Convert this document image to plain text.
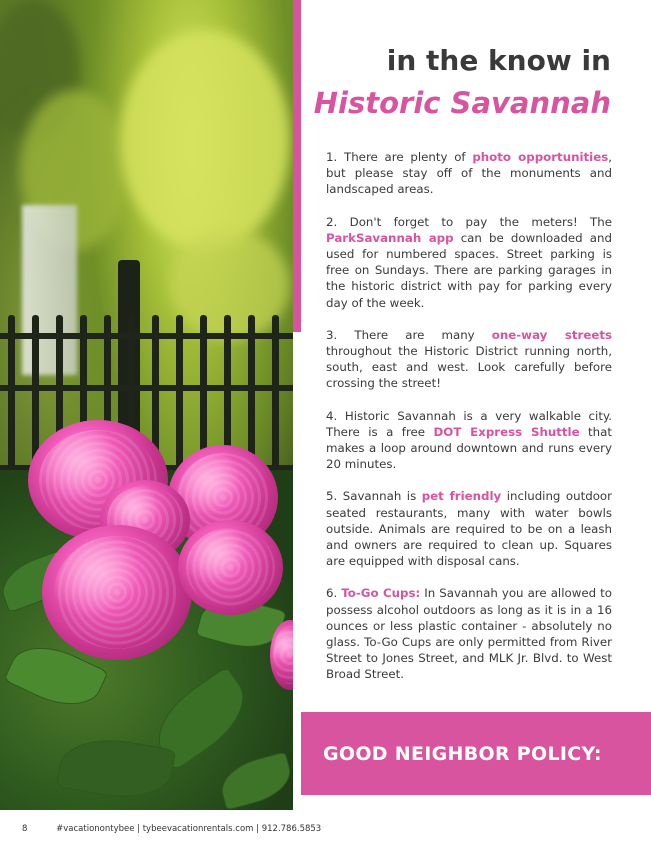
in the know in
Historic Savannah

1. There are plenty of photo opportunities, but please stay off of the monuments and landscaped areas.

2. Don't forget to pay the meters! The ParkSavannah app can be downloaded and used for numbered spaces. Street parking is free on Sundays. There are parking garages in the historic district with pay for parking every day of the week.

3. There are many one-way streets throughout the Historic District running north, south, east and west. Look carefully before crossing the street!

4. Historic Savannah is a very walkable city. There is a free DOT Express Shuttle that makes a loop around downtown and runs every 20 minutes.

5. Savannah is pet friendly including outdoor seated restaurants, many with water bowls outside. Animals are required to be on a leash and owners are required to clean up. Squares are equipped with disposal cans.

6. To-Go Cups: In Savannah you are allowed to possess alcohol outdoors as long as it is in a 16 ounces or less plastic container - absolutely no glass. To-Go Cups are only permitted from River Street to Jones Street, and MLK Jr. Blvd. to West Broad Street.

GOOD NEIGHBOR POLICY:
8	#vacationontybee | tybeevacationrentals.com | 912.786.5853
